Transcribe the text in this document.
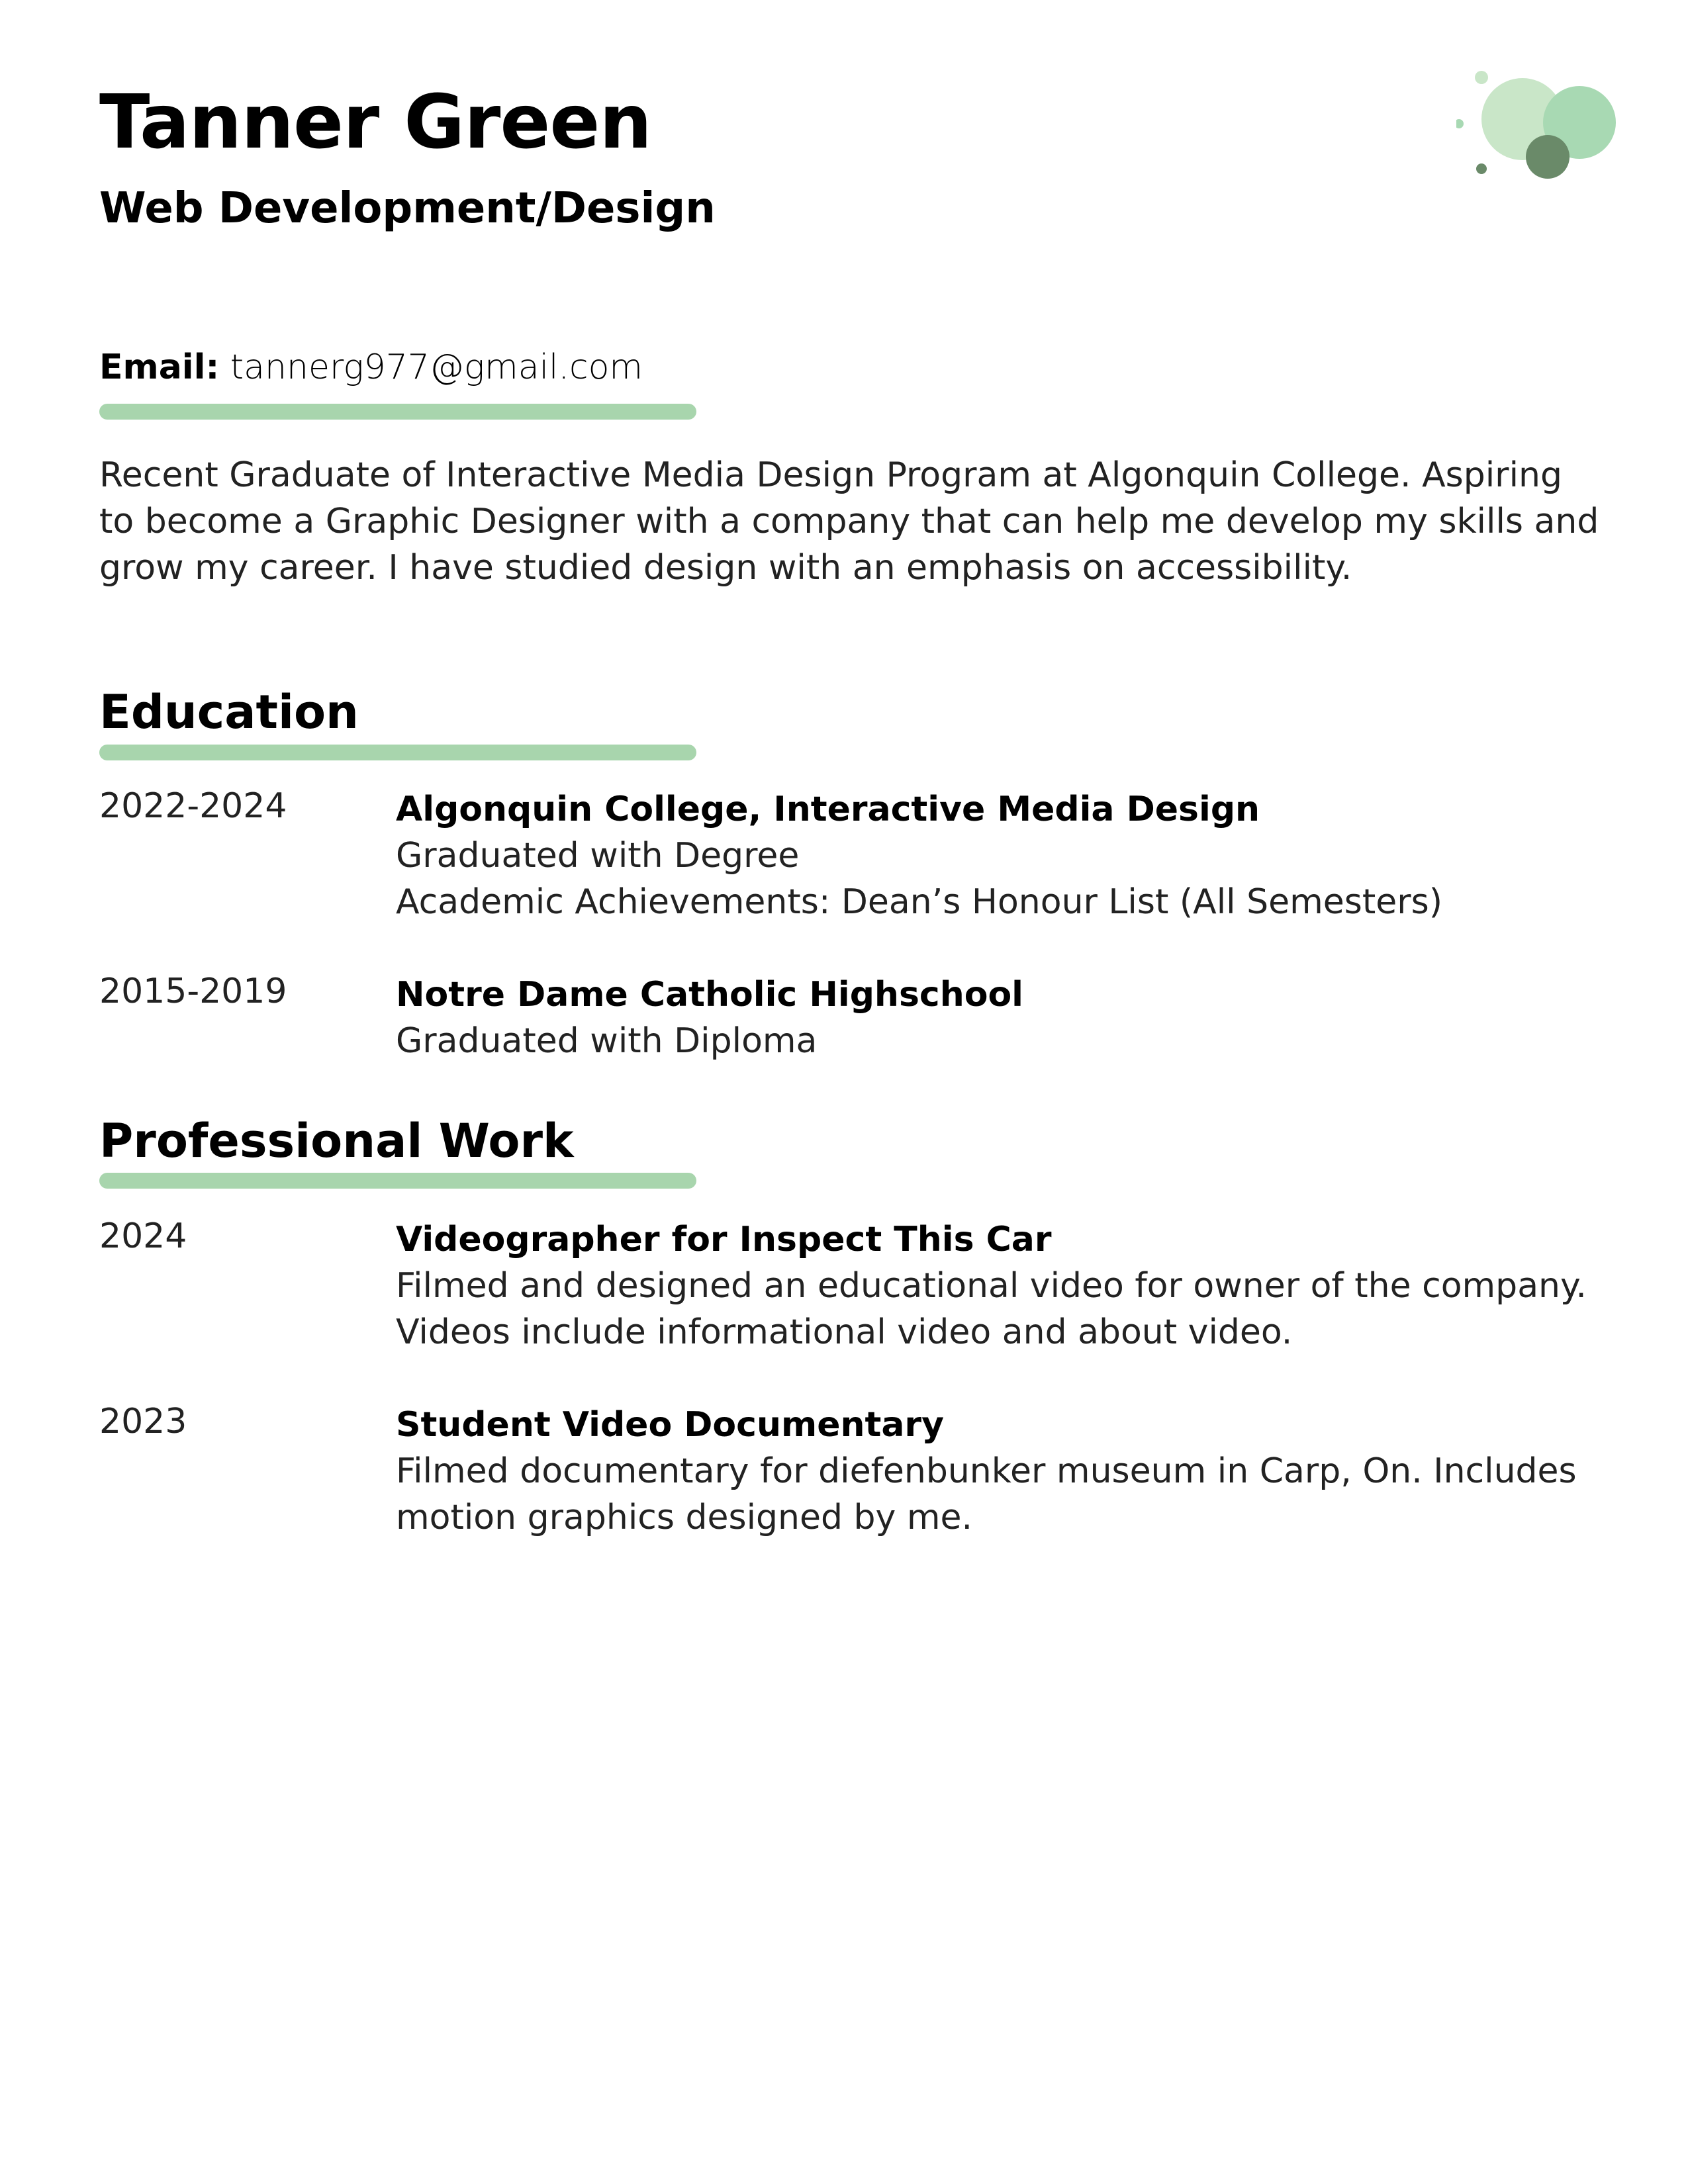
Tanner Green
Web Development/Design
Email: tannerg977@gmail.com
Recent Graduate of Interactive Media Design Program at Algonquin College. Aspiring to become a Graphic Designer with a company that can help me develop my skills and grow my career. I have studied design with an emphasis on accessibility.
Education
2022-2024	Algonquin College, Interactive Media Design
Graduated with Degree
Academic Achievements: Dean’s Honour List (All Semesters)
2015-2019	Notre Dame Catholic Highschool
Graduated with Diploma
Professional Work
2024	Videographer for Inspect This Car
Filmed and designed an educational video for owner of the company.
Videos include informational video and about video.
2023	Student Video Documentary
Filmed documentary for diefenbunker museum in Carp, On. Includes
motion graphics designed by me.
